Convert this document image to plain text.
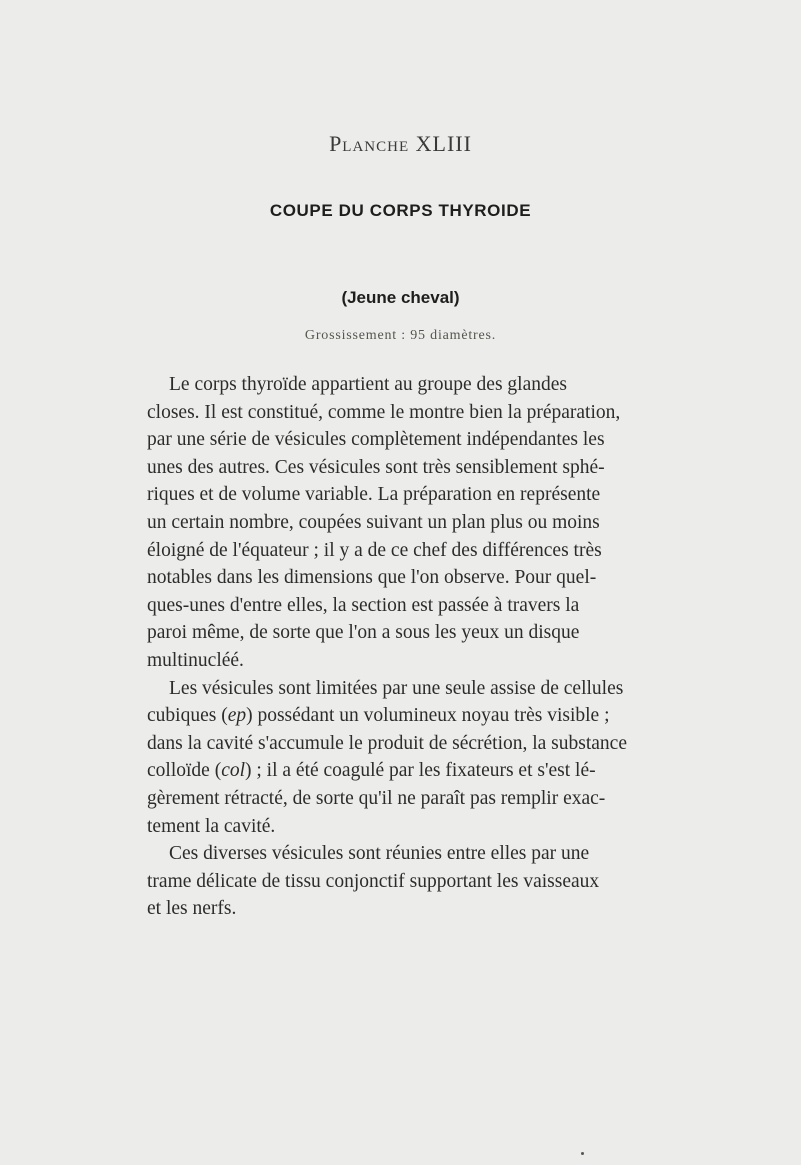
Planche XLIII
COUPE DU CORPS THYROIDE
(Jeune cheval)
Grossissement : 95 diamètres.
Le corps thyroïde appartient au groupe des glandes
closes. Il est constitué, comme le montre bien la préparation,
par une série de vésicules complètement indépendantes les
unes des autres. Ces vésicules sont très sensiblement sphé-
riques et de volume variable. La préparation en représente
un certain nombre, coupées suivant un plan plus ou moins
éloigné de l'équateur ; il y a de ce chef des différences très
notables dans les dimensions que l'on observe. Pour quel-
ques-unes d'entre elles, la section est passée à travers la
paroi même, de sorte que l'on a sous les yeux un disque
multinucléé.
Les vésicules sont limitées par une seule assise de cellules
cubiques (ep) possédant un volumineux noyau très visible ;
dans la cavité s'accumule le produit de sécrétion, la substance
colloïde (col) ; il a été coagulé par les fixateurs et s'est lé-
gèrement rétracté, de sorte qu'il ne paraît pas remplir exac-
tement la cavité.
Ces diverses vésicules sont réunies entre elles par une
trame délicate de tissu conjonctif supportant les vaisseaux
et les nerfs.
